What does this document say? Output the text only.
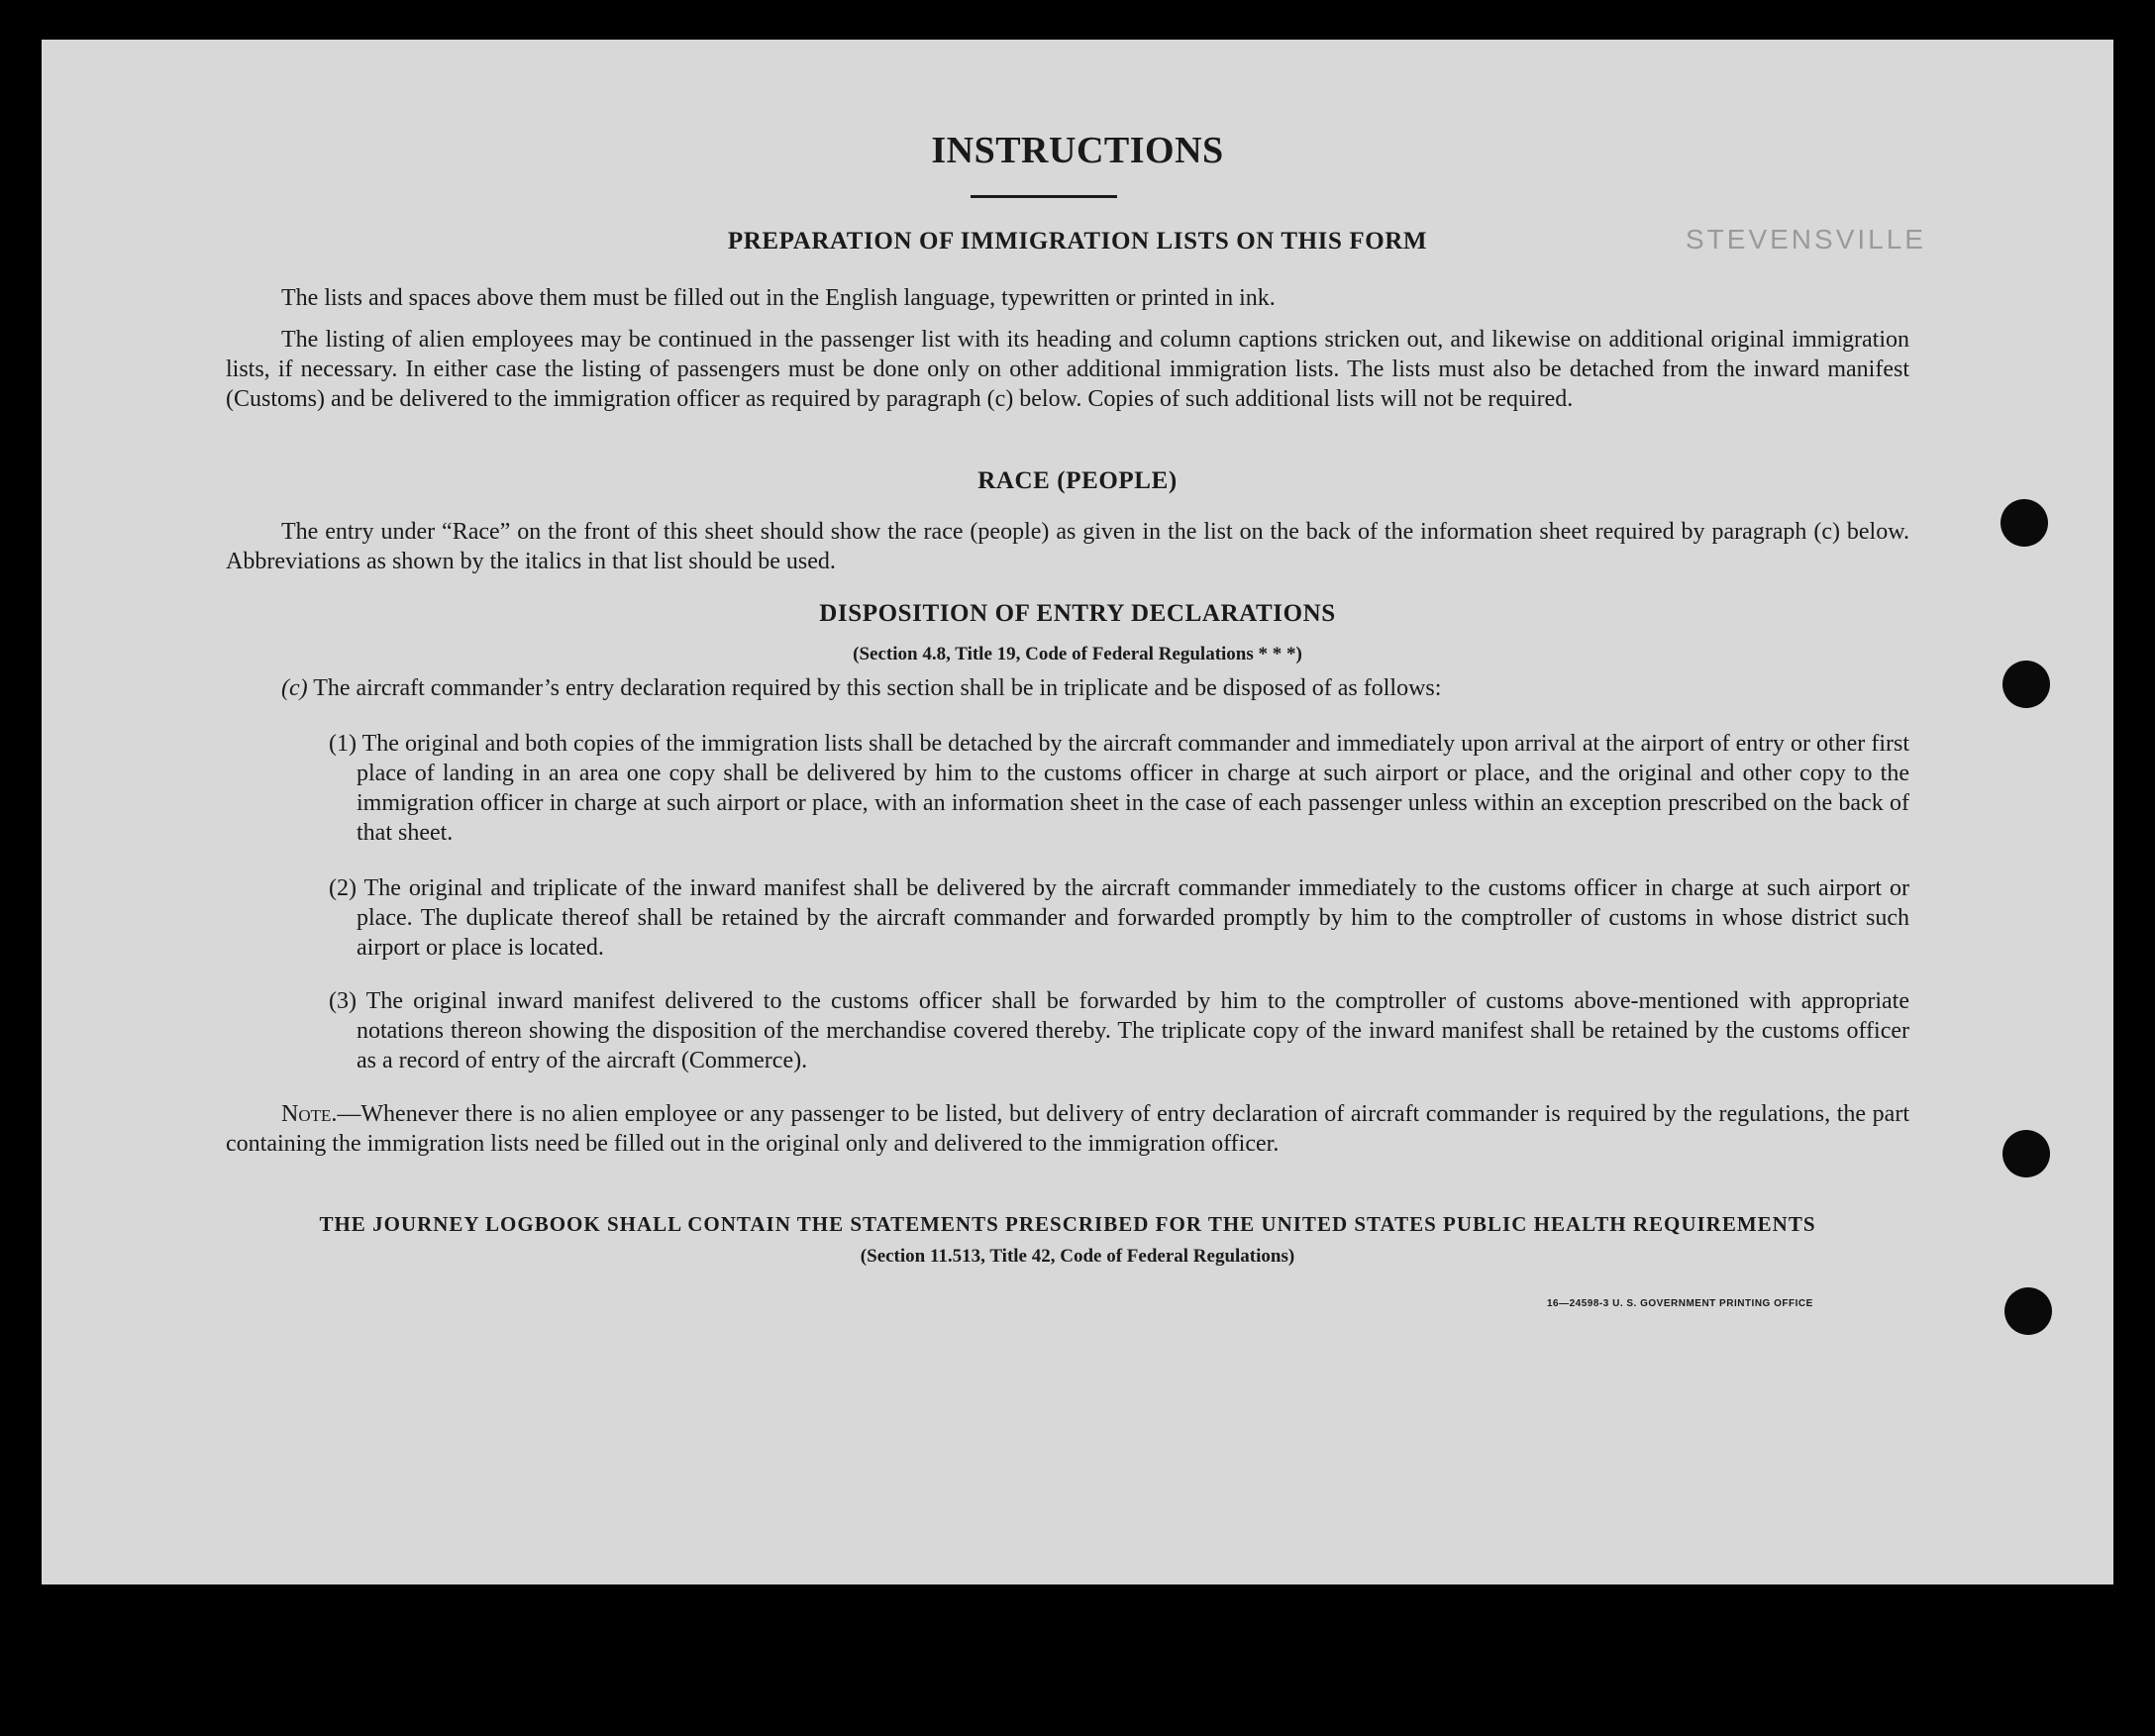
INSTRUCTIONS
STEVENSVILLE
PREPARATION OF IMMIGRATION LISTS ON THIS FORM

The lists and spaces above them must be filled out in the English language, typewritten or printed in ink.

The listing of alien employees may be continued in the passenger list with its heading and column captions stricken out, and likewise on additional original immigration lists, if necessary. In either case the listing of passengers must be done only on other additional immigration lists. The lists must also be detached from the inward manifest (Customs) and be delivered to the immigration officer as required by paragraph (c) below. Copies of such additional lists will not be required.

RACE (PEOPLE)

The entry under “Race” on the front of this sheet should show the race (people) as given in the list on the back of the information sheet required by paragraph (c) below. Abbreviations as shown by the italics in that list should be used.

DISPOSITION OF ENTRY DECLARATIONS
(Section 4.8, Title 19, Code of Federal Regulations * * *)

(c) The aircraft commander’s entry declaration required by this section shall be in triplicate and be disposed of as follows:

(1) The original and both copies of the immigration lists shall be detached by the aircraft commander and immediately upon arrival at the airport of entry or other first place of landing in an area one copy shall be delivered by him to the customs officer in charge at such airport or place, and the original and other copy to the immigration officer in charge at such airport or place, with an information sheet in the case of each passenger unless within an exception prescribed on the back of that sheet.

(2) The original and triplicate of the inward manifest shall be delivered by the aircraft commander immediately to the customs officer in charge at such airport or place. The duplicate thereof shall be retained by the aircraft commander and forwarded promptly by him to the comptroller of customs in whose district such airport or place is located.

(3) The original inward manifest delivered to the customs officer shall be forwarded by him to the comptroller of customs above-mentioned with appropriate notations thereon showing the disposition of the merchandise covered thereby. The triplicate copy of the inward manifest shall be retained by the customs officer as a record of entry of the aircraft (Commerce).

Note.—Whenever there is no alien employee or any passenger to be listed, but delivery of entry declaration of aircraft commander is required by the regulations, the part containing the immigration lists need be filled out in the original only and delivered to the immigration officer.

THE JOURNEY LOGBOOK SHALL CONTAIN THE STATEMENTS PRESCRIBED FOR THE UNITED STATES PUBLIC HEALTH REQUIREMENTS
(Section 11.513, Title 42, Code of Federal Regulations)
16—24598-3 U. S. GOVERNMENT PRINTING OFFICE
